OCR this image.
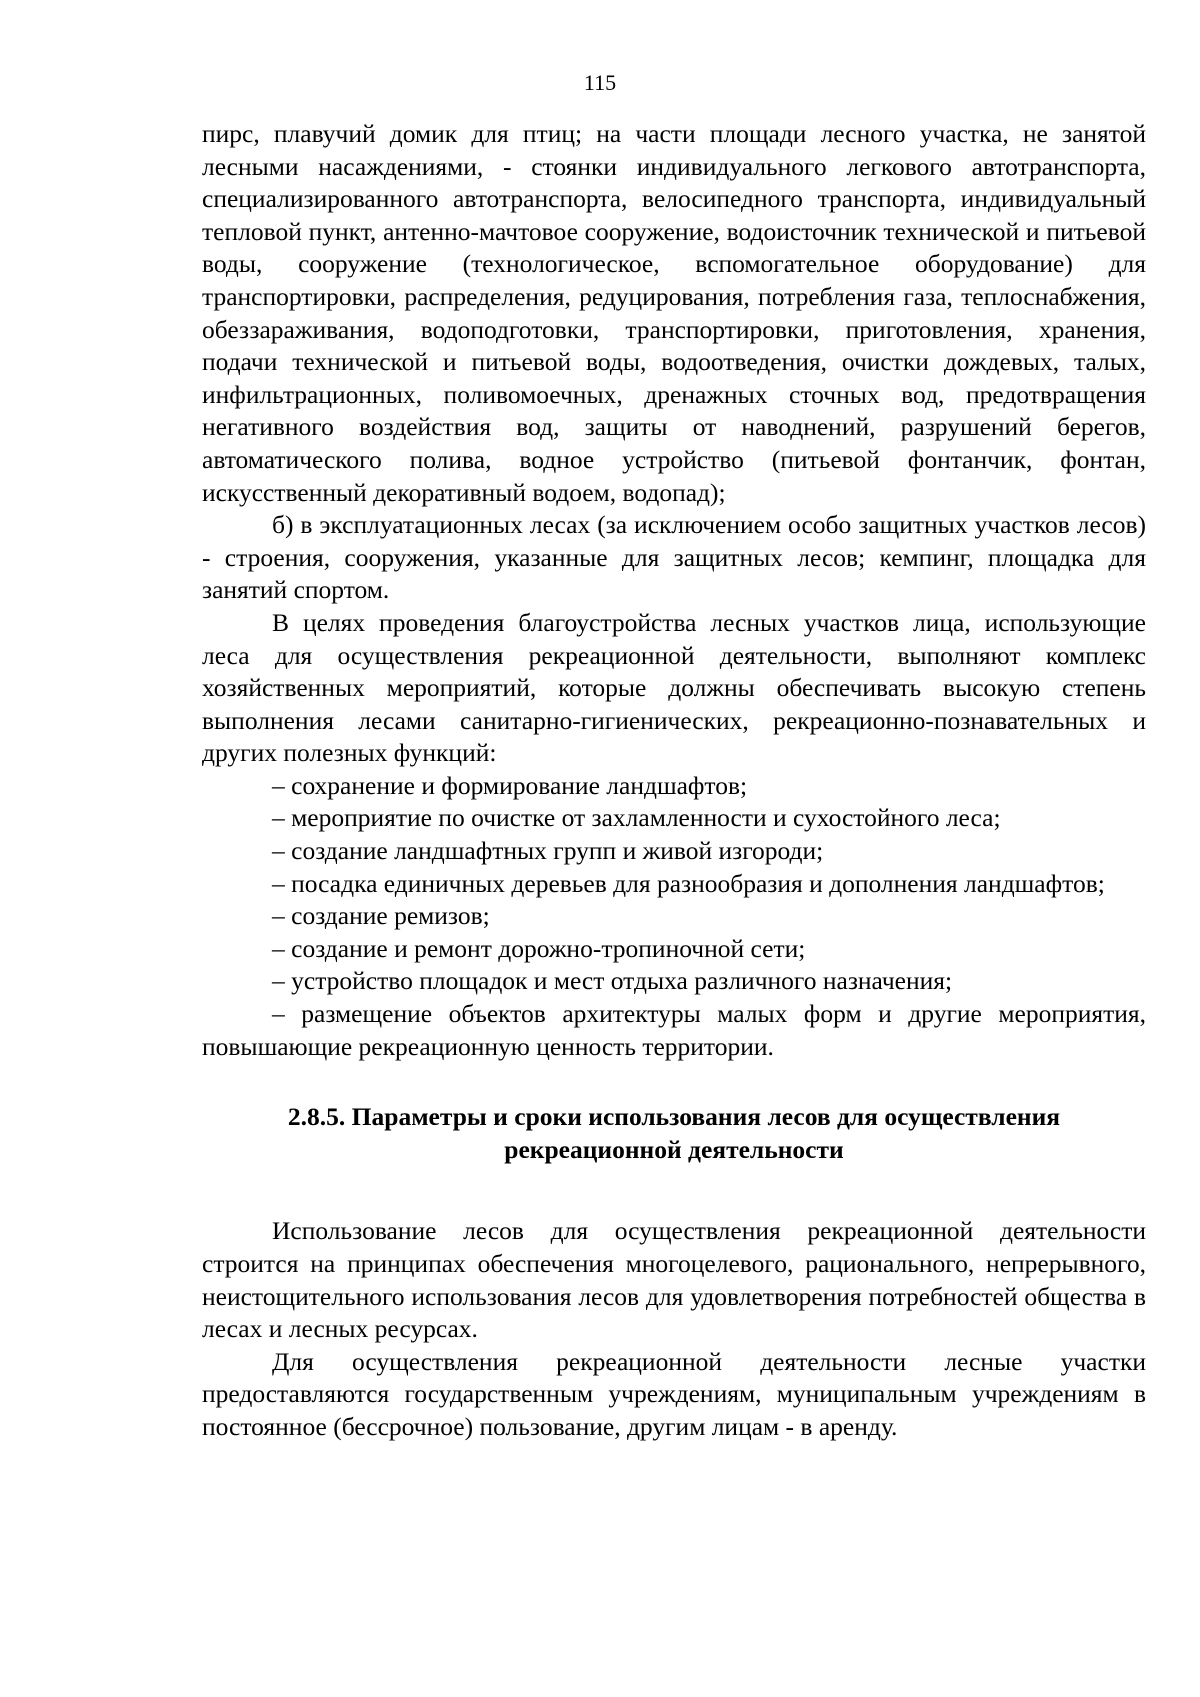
115

пирс, плавучий домик для птиц; на части площади лесного участка, не занятой лесными насаждениями, - стоянки индивидуального легкового автотранспорта, специализированного автотранспорта, велосипедного транспорта, индивидуальный тепловой пункт, антенно-мачтовое сооружение, водоисточник технической и питьевой воды, сооружение (технологическое, вспомогательное оборудование) для транспортировки, распределения, редуцирования, потребления газа, теплоснабжения, обеззараживания, водоподготовки, транспортировки, приготовления, хранения, подачи технической и питьевой воды, водоотведения, очистки дождевых, талых, инфильтрационных, поливомоечных, дренажных сточных вод, предотвращения негативного воздействия вод, защиты от наводнений, разрушений берегов, автоматического полива, водное устройство (питьевой фонтанчик, фонтан, искусственный декоративный водоем, водопад);

б) в эксплуатационных лесах (за исключением особо защитных участков лесов) - строения, сооружения, указанные для защитных лесов; кемпинг, площадка для занятий спортом.

В целях проведения благоустройства лесных участков лица, использующие леса для осуществления рекреационной деятельности, выполняют комплекс хозяйственных мероприятий, которые должны обеспечивать высокую степень выполнения лесами санитарно-гигиенических, рекреационно-познавательных и других полезных функций:

– сохранение и формирование ландшафтов;

– мероприятие по очистке от захламленности и сухостойного леса;

– создание ландшафтных групп и живой изгороди;

– посадка единичных деревьев для разнообразия и дополнения ландшафтов;

– создание ремизов;

– создание и ремонт дорожно-тропиночной сети;

– устройство площадок и мест отдыха различного назначения;

– размещение объектов архитектуры малых форм и другие мероприятия, повышающие рекреационную ценность территории.

2.8.5. Параметры и сроки использования лесов для осуществления
рекреационной деятельности

Использование лесов для осуществления рекреационной деятельности строится на принципах обеспечения многоцелевого, рационального, непрерывного, неистощительного использования лесов для удовлетворения потребностей общества в лесах и лесных ресурсах.

Для осуществления рекреационной деятельности лесные участки предоставляются государственным учреждениям, муниципальным учреждениям в постоянное (бессрочное) пользование, другим лицам - в аренду.
